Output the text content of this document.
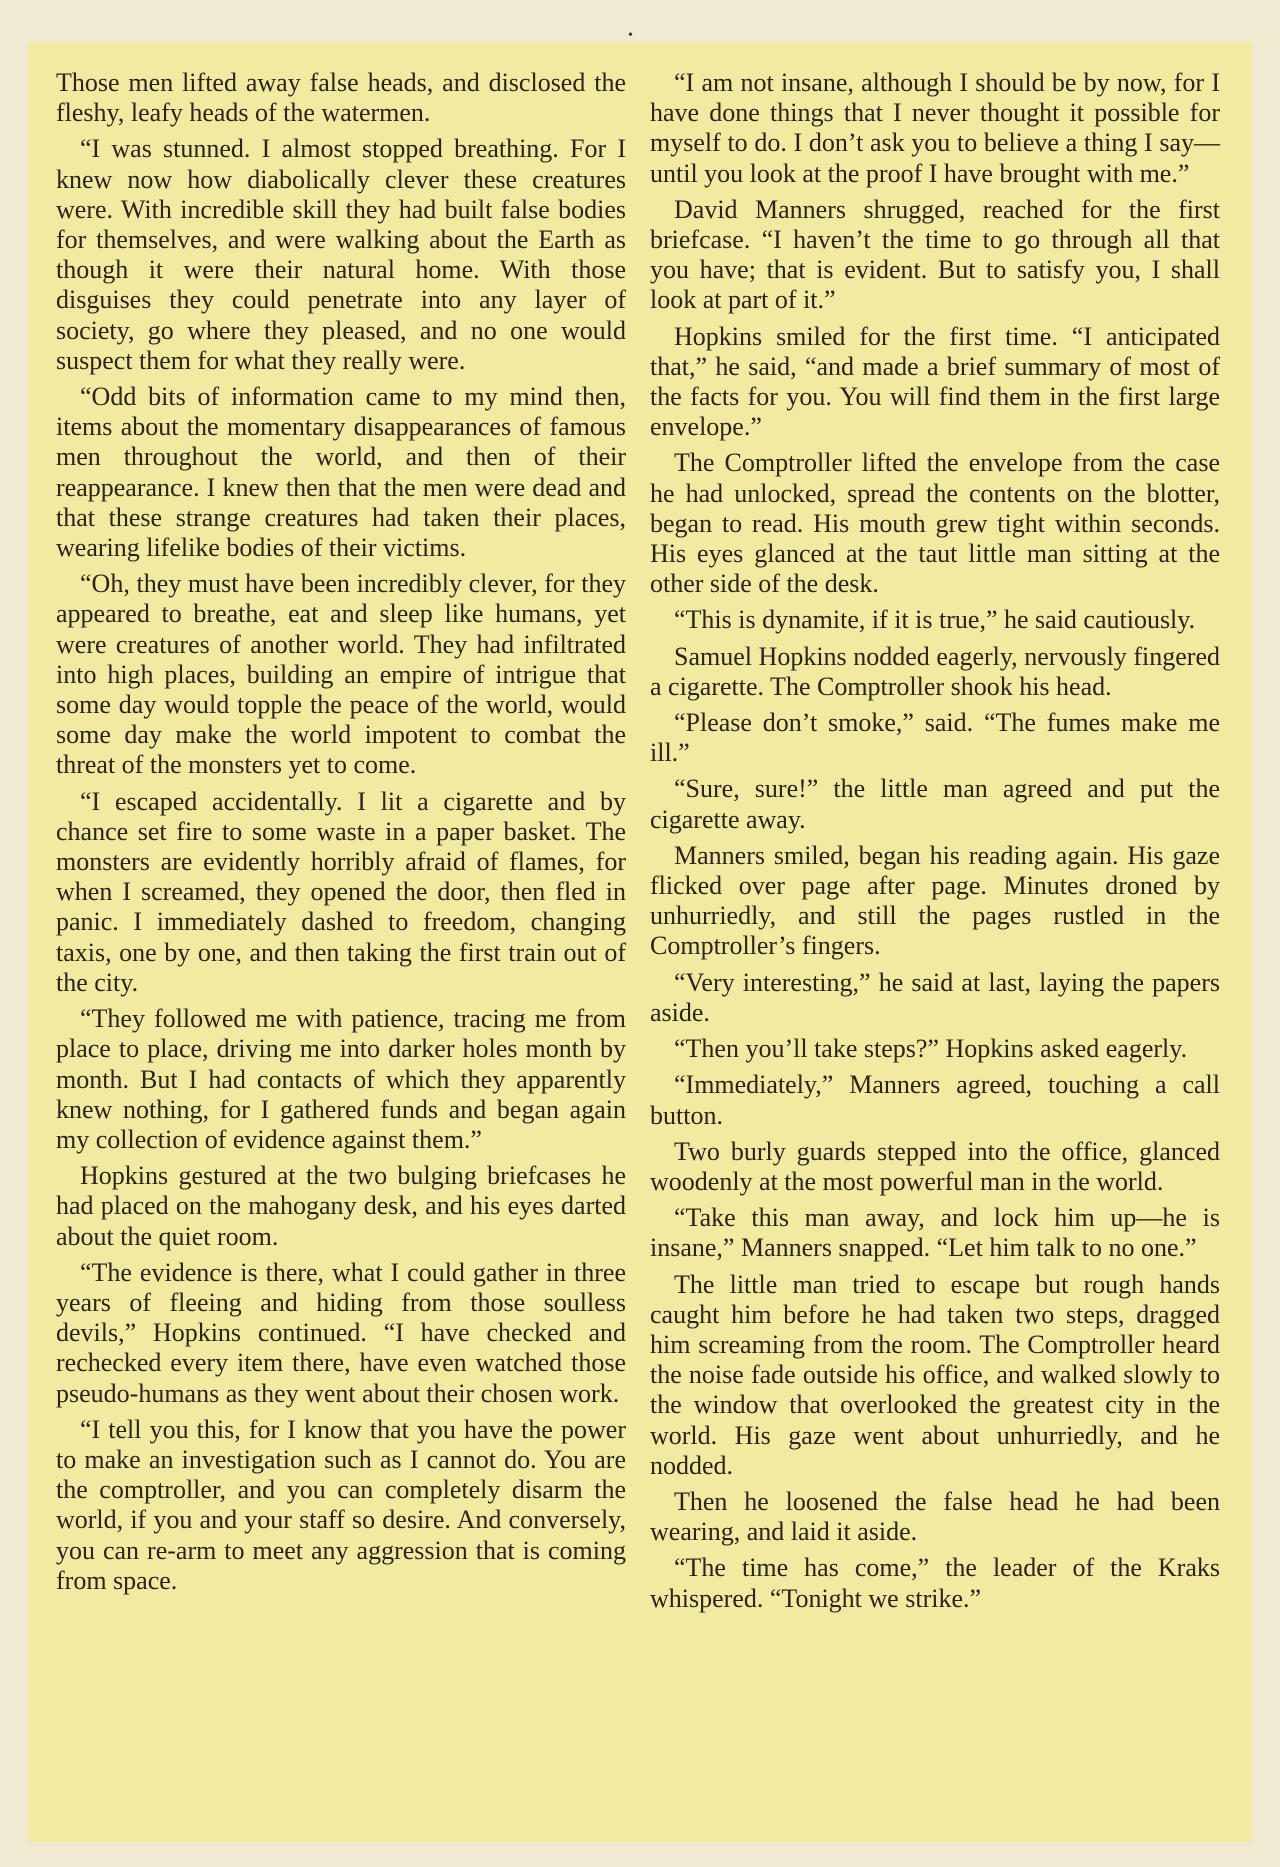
•

Those men lifted away false heads, and disclosed the fleshy, leafy heads of the watermen.

“I was stunned. I almost stopped breathing. For I knew now how diabolically clever these creatures were. With incredible skill they had built false bodies for themselves, and were walking about the Earth as though it were their natural home. With those disguises they could penetrate into any layer of society, go where they pleased, and no one would suspect them for what they really were.

“Odd bits of information came to my mind then, items about the momentary disappearances of famous men throughout the world, and then of their reappearance. I knew then that the men were dead and that these strange creatures had taken their places, wearing lifelike bodies of their victims.

“Oh, they must have been incredibly clever, for they appeared to breathe, eat and sleep like humans, yet were creatures of another world. They had infiltrated into high places, building an empire of intrigue that some day would topple the peace of the world, would some day make the world impotent to combat the threat of the monsters yet to come.

“I escaped accidentally. I lit a cigarette and by chance set fire to some waste in a paper basket. The monsters are evidently horribly afraid of flames, for when I screamed, they opened the door, then fled in panic. I immediately dashed to freedom, changing taxis, one by one, and then taking the first train out of the city.

“They followed me with patience, tracing me from place to place, driving me into darker holes month by month. But I had contacts of which they apparently knew nothing, for I gathered funds and began again my collection of evidence against them.”

Hopkins gestured at the two bulging briefcases he had placed on the mahogany desk, and his eyes darted about the quiet room.

“The evidence is there, what I could gather in three years of fleeing and hiding from those soulless devils,” Hopkins continued. “I have checked and rechecked every item there, have even watched those pseudo-humans as they went about their chosen work.

“I tell you this, for I know that you have the power to make an investigation such as I cannot do. You are the comptroller, and you can completely disarm the world, if you and your staff so desire. And conversely, you can re-arm to meet any aggression that is coming from space.

“I am not insane, although I should be by now, for I have done things that I never thought it possible for myself to do. I don’t ask you to believe a thing I say—until you look at the proof I have brought with me.”

David Manners shrugged, reached for the first briefcase. “I haven’t the time to go through all that you have; that is evident. But to satisfy you, I shall look at part of it.”

Hopkins smiled for the first time. “I anticipated that,” he said, “and made a brief summary of most of the facts for you. You will find them in the first large envelope.”

The Comptroller lifted the envelope from the case he had unlocked, spread the contents on the blotter, began to read. His mouth grew tight within seconds. His eyes glanced at the taut little man sitting at the other side of the desk.

“This is dynamite, if it is true,” he said cautiously.

Samuel Hopkins nodded eagerly, nervously fingered a cigarette. The Comptroller shook his head.

“Please don’t smoke,” said. “The fumes make me ill.”

“Sure, sure!” the little man agreed and put the cigarette away.

Manners smiled, began his reading again. His gaze flicked over page after page. Minutes droned by unhurriedly, and still the pages rustled in the Comptroller’s fingers.

“Very interesting,” he said at last, laying the papers aside.

“Then you’ll take steps?” Hopkins asked eagerly.

“Immediately,” Manners agreed, touching a call button.

Two burly guards stepped into the office, glanced woodenly at the most powerful man in the world.

“Take this man away, and lock him up—he is insane,” Manners snapped. “Let him talk to no one.”

The little man tried to escape but rough hands caught him before he had taken two steps, dragged him screaming from the room. The Comptroller heard the noise fade outside his office, and walked slowly to the window that overlooked the greatest city in the world. His gaze went about unhurriedly, and he nodded.

Then he loosened the false head he had been wearing, and laid it aside.

“The time has come,” the leader of the Kraks whispered. “Tonight we strike.”
